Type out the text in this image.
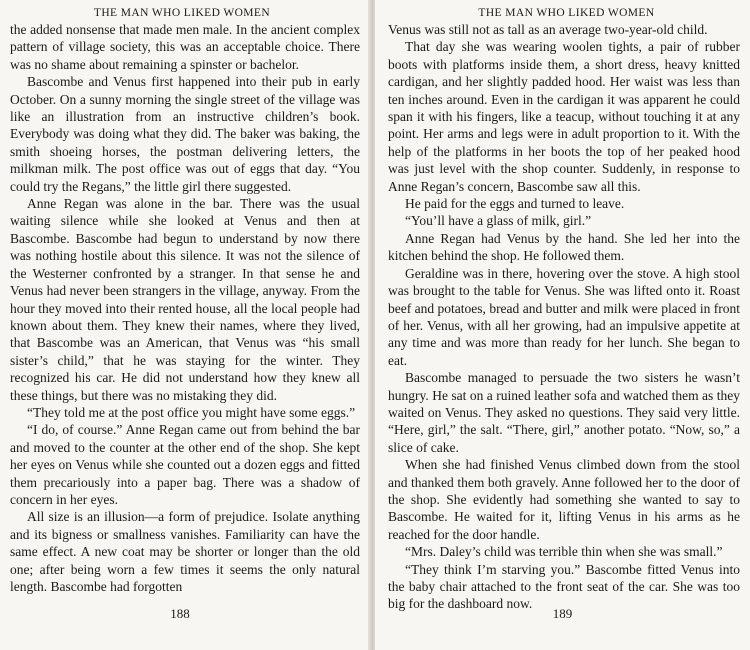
THE MAN WHO LIKED WOMEN

the added nonsense that made men male. In the ancient complex pattern of village society, this was an acceptable choice. There was no shame about remaining a spinster or bachelor.

Bascombe and Venus first happened into their pub in early October. On a sunny morning the single street of the village was like an illustration from an instructive children’s book. Everybody was doing what they did. The baker was baking, the smith shoeing horses, the postman delivering letters, the milkman milk. The post office was out of eggs that day. “You could try the Regans,” the little girl there suggested.

Anne Regan was alone in the bar. There was the usual waiting silence while she looked at Venus and then at Bascombe. Bascombe had begun to understand by now there was nothing hostile about this silence. It was not the silence of the Westerner confronted by a stranger. In that sense he and Venus had never been strangers in the village, anyway. From the hour they moved into their rented house, all the local people had known about them. They knew their names, where they lived, that Bascombe was an American, that Venus was “his small sister’s child,” that he was staying for the winter. They recognized his car. He did not understand how they knew all these things, but there was no mistaking they did.

“They told me at the post office you might have some eggs.”

“I do, of course.” Anne Regan came out from behind the bar and moved to the counter at the other end of the shop. She kept her eyes on Venus while she counted out a dozen eggs and fitted them precariously into a paper bag. There was a shadow of concern in her eyes.

All size is an illusion—a form of prejudice. Isolate anything and its bigness or smallness vanishes. Familiarity can have the same effect. A new coat may be shorter or longer than the old one; after being worn a few times it seems the only natural length. Bascombe had forgotten

188
THE MAN WHO LIKED WOMEN

Venus was still not as tall as an average two-year-old child.

That day she was wearing woolen tights, a pair of rubber boots with platforms inside them, a short dress, heavy knitted cardigan, and her slightly padded hood. Her waist was less than ten inches around. Even in the cardigan it was apparent he could span it with his fingers, like a teacup, without touching it at any point. Her arms and legs were in adult proportion to it. With the help of the platforms in her boots the top of her peaked hood was just level with the shop counter. Suddenly, in response to Anne Regan’s concern, Bascombe saw all this.

He paid for the eggs and turned to leave.

“You’ll have a glass of milk, girl.”

Anne Regan had Venus by the hand. She led her into the kitchen behind the shop. He followed them.

Geraldine was in there, hovering over the stove. A high stool was brought to the table for Venus. She was lifted onto it. Roast beef and potatoes, bread and butter and milk were placed in front of her. Venus, with all her growing, had an impulsive appetite at any time and was more than ready for her lunch. She began to eat.

Bascombe managed to persuade the two sisters he wasn’t hungry. He sat on a ruined leather sofa and watched them as they waited on Venus. They asked no questions. They said very little. “Here, girl,” the salt. “There, girl,” another potato. “Now, so,” a slice of cake.

When she had finished Venus climbed down from the stool and thanked them both gravely. Anne followed her to the door of the shop. She evidently had something she wanted to say to Bascombe. He waited for it, lifting Venus in his arms as he reached for the door handle.

“Mrs. Daley’s child was terrible thin when she was small.”

“They think I’m starving you.” Bascombe fitted Venus into the baby chair attached to the front seat of the car. She was too big for the dashboard now.

189
